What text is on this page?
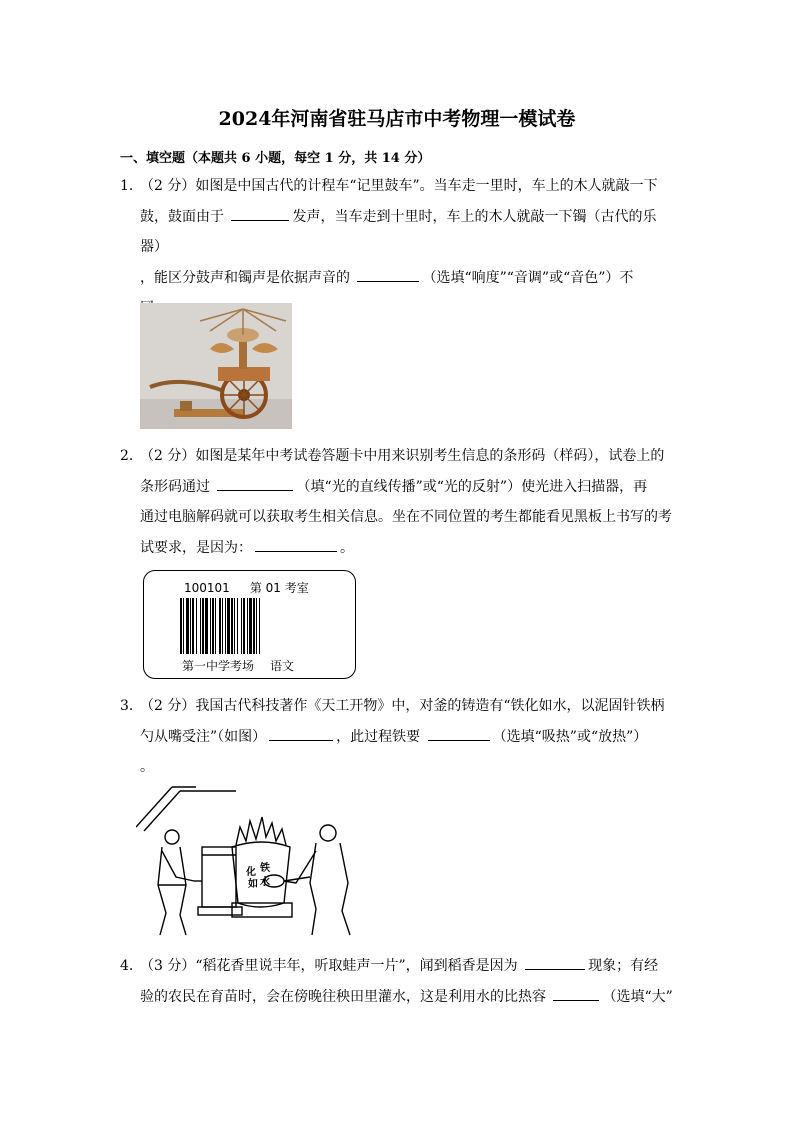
2024年河南省驻马店市中考物理一模试卷
一、填空题（本题共 6 小题，每空 1 分，共 14 分）
1．（2 分）如图是中国古代的计程车“记里鼓车”。当车走一里时，车上的木人就敲一下
鼓，鼓面由于	发声，当车走到十里时，车上的木人就敲一下镯（古代的乐器）
，能区分鼓声和镯声是依据声音的	（选填“响度”“音调”或“音色”）不
2．（2 分）如图是某年中考试卷答题卡中用来识别考生信息的条形码（样码），试卷上的
条形码通过	（填“光的直线传播”或“光的反射”）使光进入扫描器，再
通过电脑解码就可以获取考生相关信息。坐在不同位置的考生都能看见黑板上书写的考
试要求，是因为：	。
100101 第 01 考室
第一中学考场 语文
3．（2 分）我国古代科技著作《天工开物》中，对釜的铸造有“铁化如水，以泥固针铁柄
勺从嘴受注”（如图）	，此过程铁要	（选填“吸热”或“放热”）
。
铁
化
如 水
4．（3 分）“稻花香里说丰年，听取蛙声一片”，闻到稻香是因为	现象；有经
验的农民在育苗时，会在傍晚往秧田里灌水，这是利用水的比热容	（选填“大”
